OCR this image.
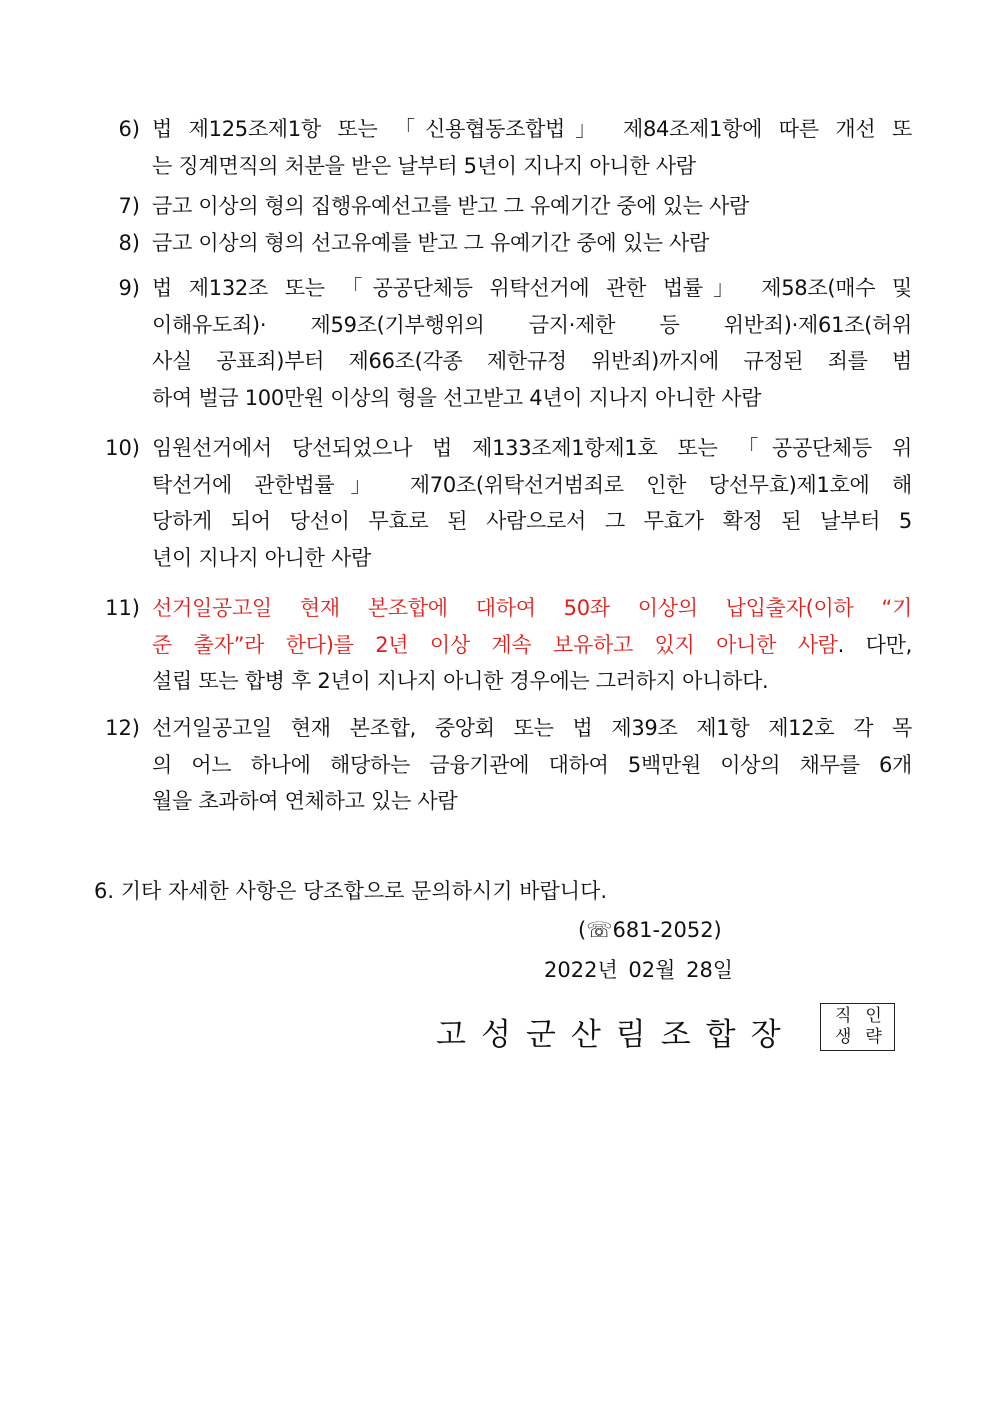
6) 법 제125조제1항 또는 「신용협동조합법」 제84조제1항에 따른 개선 또
는 징계면직의 처분을 받은 날부터 5년이 지나지 아니한 사람
7) 금고 이상의 형의 집행유예선고를 받고 그 유예기간 중에 있는 사람
8) 금고 이상의 형의 선고유예를 받고 그 유예기간 중에 있는 사람
9) 법 제132조 또는 「공공단체등 위탁선거에 관한 법률」 제58조(매수 및
이해유도죄)· 제59조(기부행위의 금지·제한 등 위반죄)·제61조(허위
사실 공표죄)부터 제66조(각종 제한규정 위반죄)까지에 규정된 죄를 범
하여 벌금 100만원 이상의 형을 선고받고 4년이 지나지 아니한 사람
10) 임원선거에서 당선되었으나 법 제133조제1항제1호 또는 「공공단체등 위
탁선거에 관한법률」 제70조(위탁선거범죄로 인한 당선무효)제1호에 해
당하게 되어 당선이 무효로 된 사람으로서 그 무효가 확정 된 날부터 5
년이 지나지 아니한 사람
11) 선거일공고일 현재 본조합에 대하여 50좌 이상의 납입출자(이하 “기
준 출자”라 한다)를 2년 이상 계속 보유하고 있지 아니한 사람. 다만,
설립 또는 합병 후 2년이 지나지 아니한 경우에는 그러하지 아니하다.
12) 선거일공고일 현재 본조합, 중앙회 또는 법 제39조 제1항 제12호 각 목
의 어느 하나에 해당하는 금융기관에 대하여 5백만원 이상의 채무를 6개
월을 초과하여 연체하고 있는 사람
6. 기타 자세한 사항은 당조합으로 문의하시기 바랍니다.
(☏681-2052)
2022년 02월 28일
고성군산림조합장
직인
생략
